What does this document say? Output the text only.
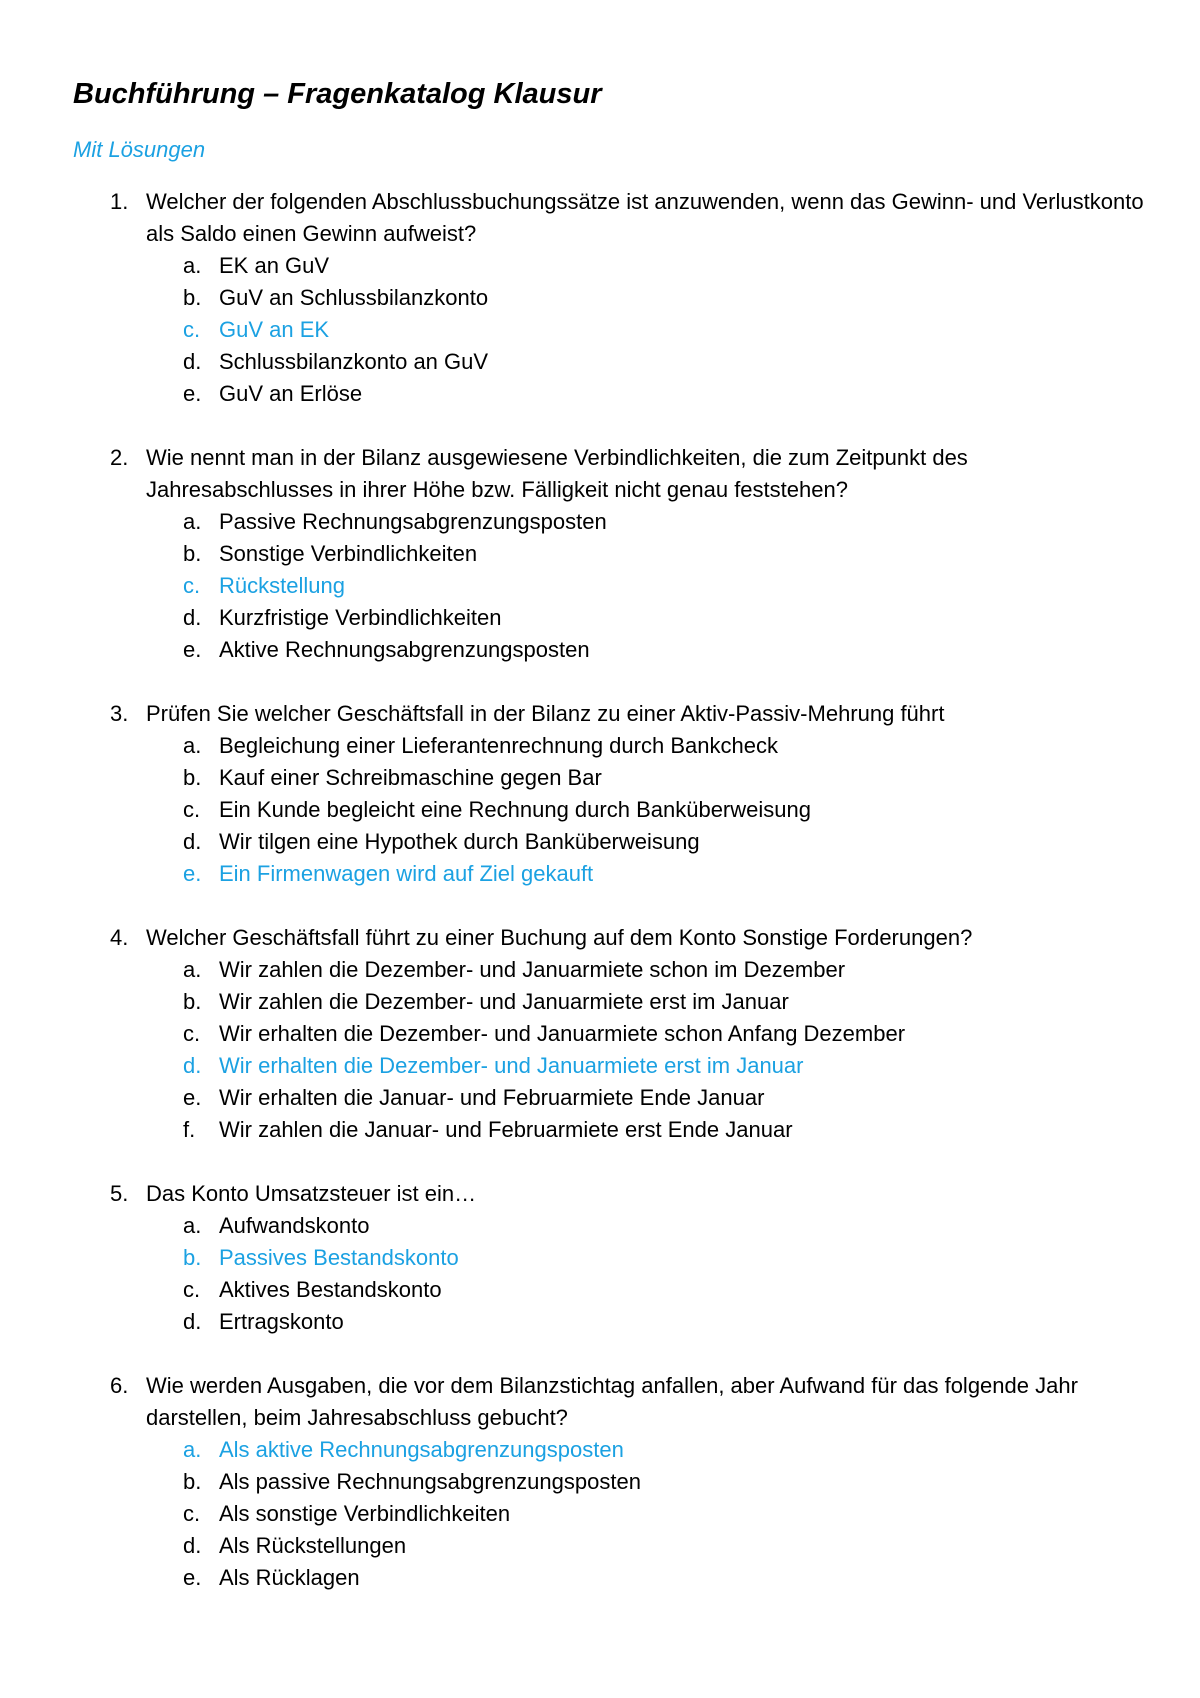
Buchführung – Fragenkatalog Klausur

Mit Lösungen

1. Welcher der folgenden Abschlussbuchungssätze ist anzuwenden, wenn das Gewinn- und Verlustkonto als Saldo einen Gewinn aufweist?
a. EK an GuV
b. GuV an Schlussbilanzkonto
c. GuV an EK
d. Schlussbilanzkonto an GuV
e. GuV an Erlöse
2. Wie nennt man in der Bilanz ausgewiesene Verbindlichkeiten, die zum Zeitpunkt des Jahresabschlusses in ihrer Höhe bzw. Fälligkeit nicht genau feststehen?
a. Passive Rechnungsabgrenzungsposten
b. Sonstige Verbindlichkeiten
c. Rückstellung
d. Kurzfristige Verbindlichkeiten
e. Aktive Rechnungsabgrenzungsposten
3. Prüfen Sie welcher Geschäftsfall in der Bilanz zu einer Aktiv-Passiv-Mehrung führt
a. Begleichung einer Lieferantenrechnung durch Bankcheck
b. Kauf einer Schreibmaschine gegen Bar
c. Ein Kunde begleicht eine Rechnung durch Banküberweisung
d. Wir tilgen eine Hypothek durch Banküberweisung
e. Ein Firmenwagen wird auf Ziel gekauft
4. Welcher Geschäftsfall führt zu einer Buchung auf dem Konto Sonstige Forderungen?
a. Wir zahlen die Dezember- und Januarmiete schon im Dezember
b. Wir zahlen die Dezember- und Januarmiete erst im Januar
c. Wir erhalten die Dezember- und Januarmiete schon Anfang Dezember
d. Wir erhalten die Dezember- und Januarmiete erst im Januar
e. Wir erhalten die Januar- und Februarmiete Ende Januar
f. Wir zahlen die Januar- und Februarmiete erst Ende Januar
5. Das Konto Umsatzsteuer ist ein…
a. Aufwandskonto
b. Passives Bestandskonto
c. Aktives Bestandskonto
d. Ertragskonto
6. Wie werden Ausgaben, die vor dem Bilanzstichtag anfallen, aber Aufwand für das folgende Jahr darstellen, beim Jahresabschluss gebucht?
a. Als aktive Rechnungsabgrenzungsposten
b. Als passive Rechnungsabgrenzungsposten
c. Als sonstige Verbindlichkeiten
d. Als Rückstellungen
e. Als Rücklagen
